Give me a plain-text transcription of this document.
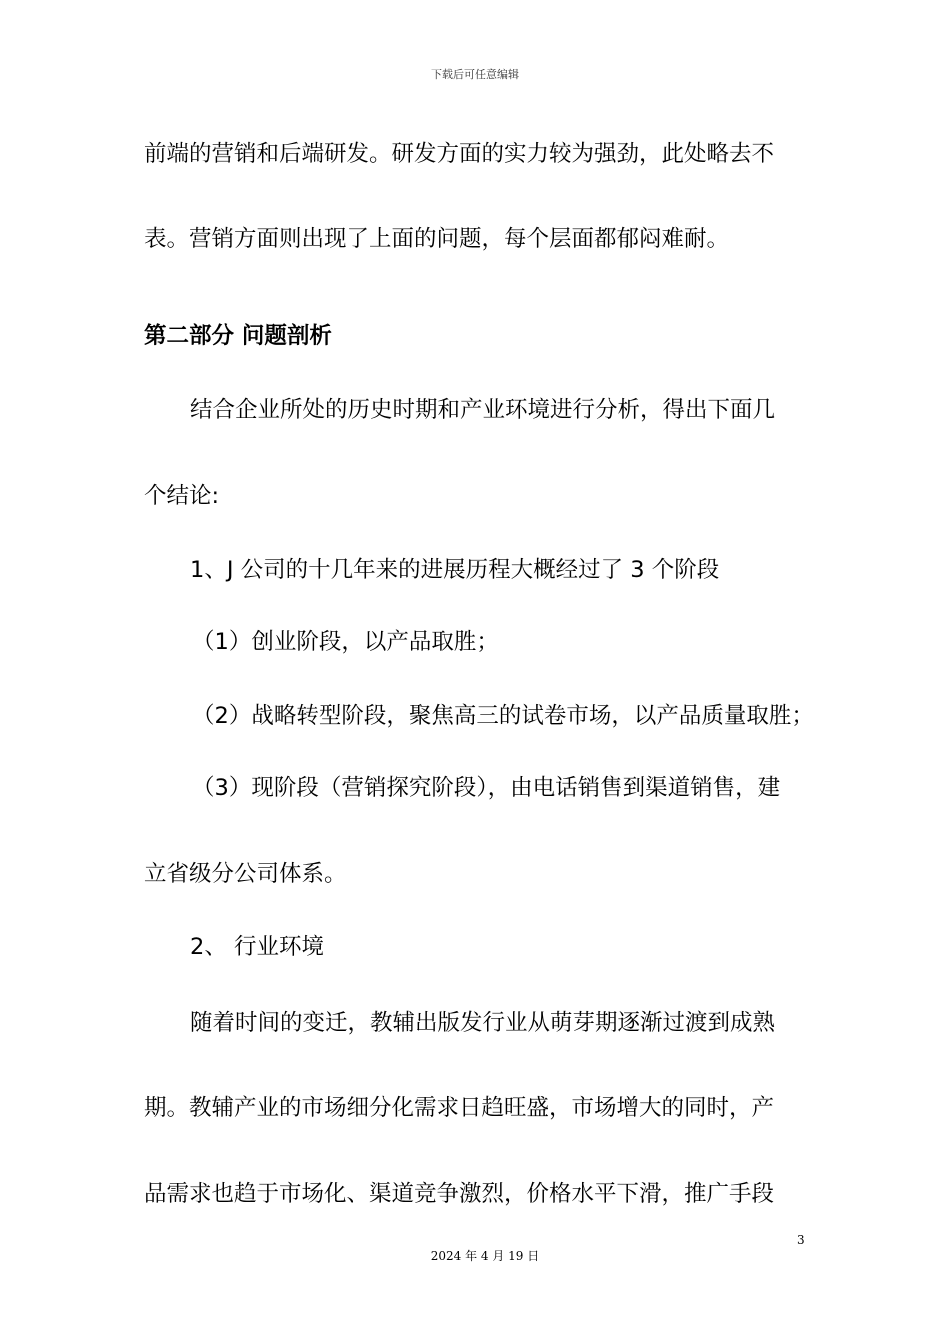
下载后可任意编辑
前端的营销和后端研发。研发方面的实力较为强劲，此处略去不
表。营销方面则出现了上面的问题，每个层面都郁闷难耐。
第二部分 问题剖析
结合企业所处的历史时期和产业环境进行分析，得出下面几
个结论:
1、J 公司的十几年来的进展历程大概经过了 3 个阶段
（1）创业阶段，以产品取胜；
（2）战略转型阶段，聚焦高三的试卷市场，以产品质量取胜；
（3）现阶段（营销探究阶段），由电话销售到渠道销售，建
立省级分公司体系。
2、 行业环境
随着时间的变迁，教辅出版发行业从萌芽期逐渐过渡到成熟
期。教辅产业的市场细分化需求日趋旺盛，市场增大的同时，产
品需求也趋于市场化、渠道竞争激烈，价格水平下滑，推广手段
3
2024 年 4 月 19 日
